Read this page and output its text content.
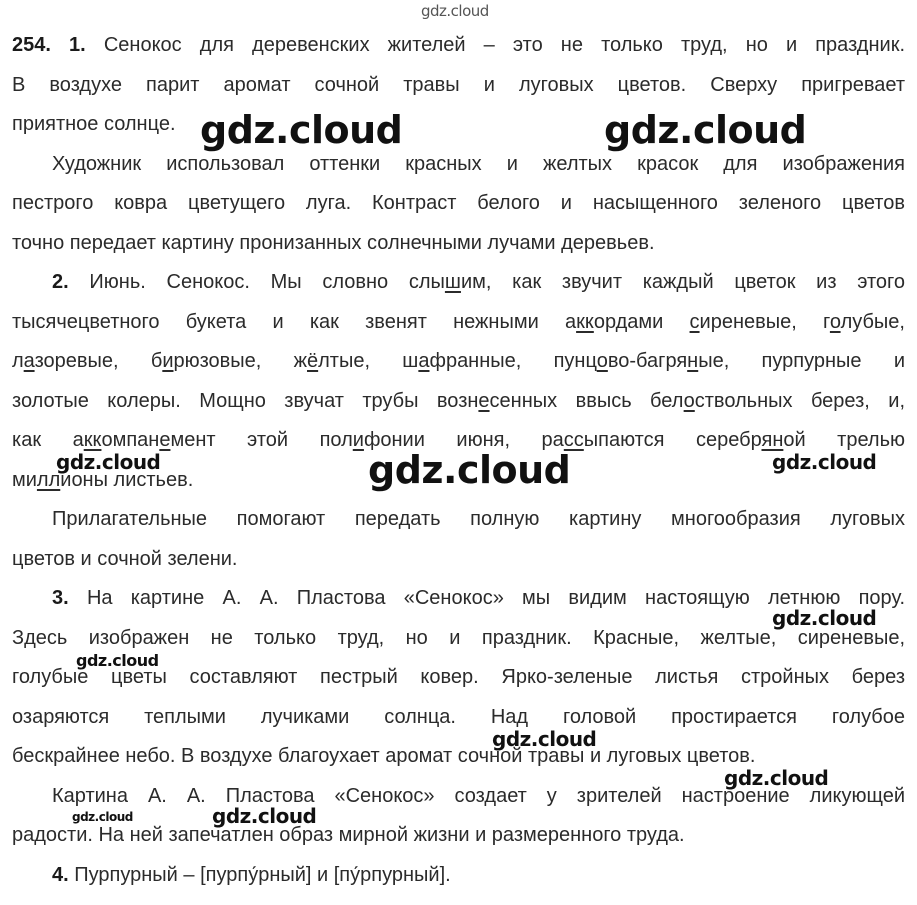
gdz.cloud
254. 1. Сенокос для деревенских жителей – это не только труд, но и праздник.
В воздухе парит аромат сочной травы и луговых цветов. Сверху пригревает
приятное солнце.
Художник использовал оттенки красных и желтых красок для изображения
пестрого ковра цветущего луга. Контраст белого и насыщенного зеленого цветов
точно передает картину пронизанных солнечными лучами деревьев.
2. Июнь. Сенокос. Мы словно слышим, как звучит каждый цветок из этого
тысячецветного букета и как звенят нежными аккордами сиреневые, голубые,
лазоревые, бирюзовые, жёлтые, шафранные, пунцово-багряные, пурпурные и
золотые колеры. Мощно звучат трубы вознесенных ввысь белоствольных берез, и,
как аккомпанемент этой полифонии июня, рассыпаются серебряной трелью
миллионы листьев.
Прилагательные помогают передать полную картину многообразия луговых
цветов и сочной зелени.
3. На картине А. А. Пластова «Сенокос» мы видим настоящую летнюю пору.
Здесь изображен не только труд, но и праздник. Красные, желтые, сиреневые,
голубые цветы составляют пестрый ковер. Ярко-зеленые листья стройных берез
озаряются теплыми лучиками солнца. Над головой простирается голубое
бескрайнее небо. В воздухе благоухает аромат сочной травы и луговых цветов.
Картина А. А. Пластова «Сенокос» создает у зрителей настроение ликующей
радости. На ней запечатлен образ мирной жизни и размеренного труда.
4. Пурпурный – [пурпу́рный] и [пу́рпурный].
gdz.cloud	gdz.cloud
gdz.cloud	gdz.cloud	gdz.cloud
gdz.cloud
gdz.cloud
gdz.cloud
gdz.cloud
gdz.cloud
gdz.cloud
